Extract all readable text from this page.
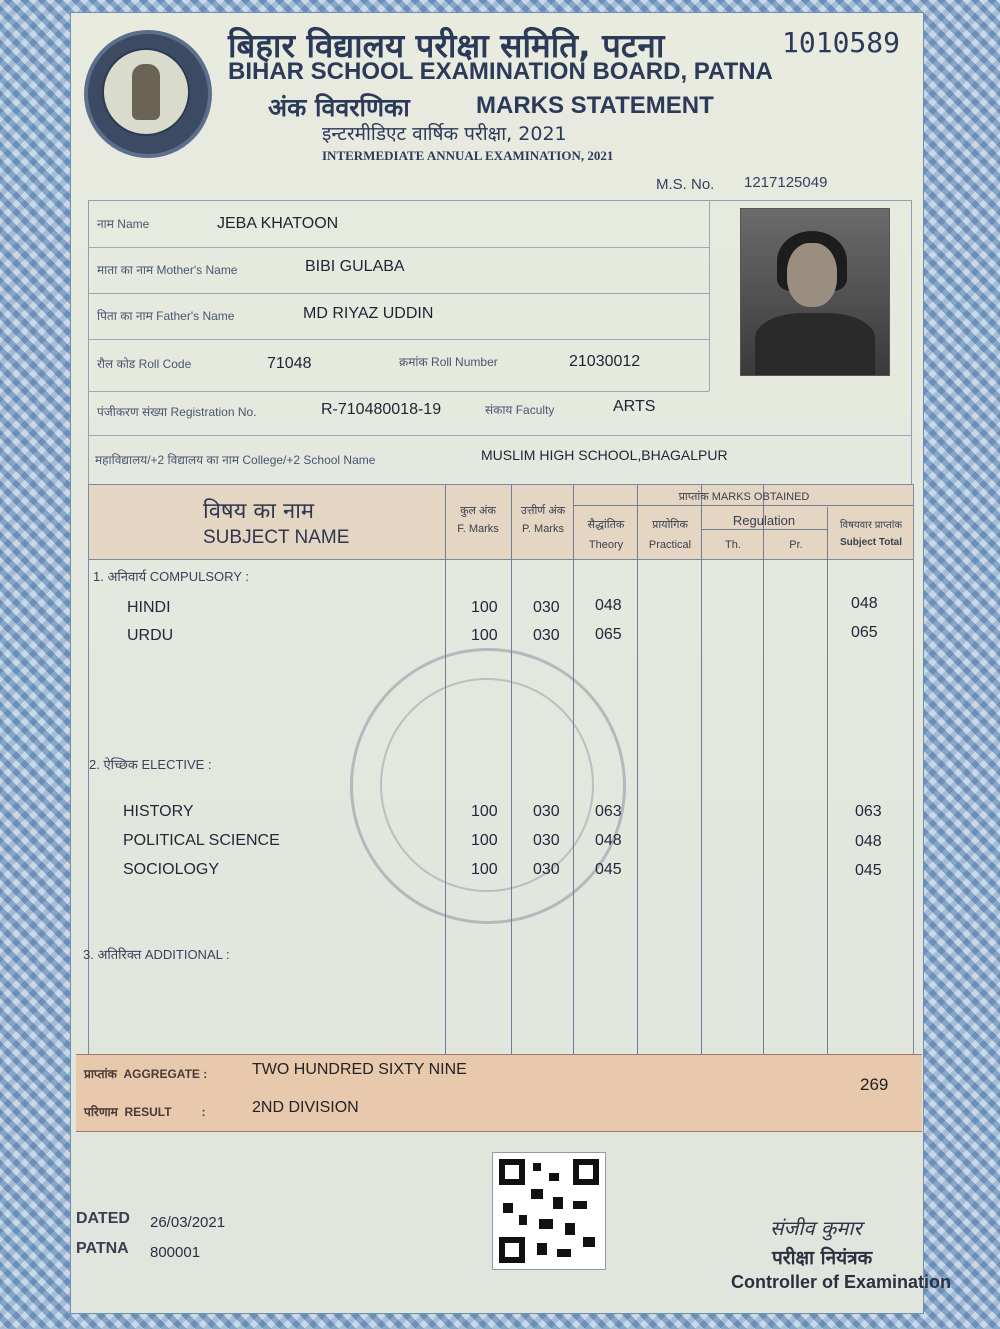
बिहार विद्यालय परीक्षा समिति, पटना	1010589
BIHAR SCHOOL EXAMINATION BOARD, PATNA
अंक विवरणिका	MARKS STATEMENT
इन्टरमीडिएट वार्षिक परीक्षा, 2021
INTERMEDIATE ANNUAL EXAMINATION, 2021
M.S. No. 1217125049
नाम Name	JEBA KHATOON
माता का नाम Mother's Name	BIBI GULABA
पिता का नाम Father's Name	MD RIYAZ UDDIN
रौल कोड Roll Code	71048	क्रमांक Roll Number	21030012
पंजीकरण संख्या Registration No.	R-710480018-19	संकाय Faculty	ARTS
महाविद्यालय/+2 विद्यालय का नाम College/+2 School Name	MUSLIM HIGH SCHOOL,BHAGALPUR
विषय का नाम
SUBJECT NAME
कुल अंक
F. Marks
उत्तीर्ण अंक
P. Marks
प्राप्तांक MARKS OBTAINED
सैद्धांतिक
Theory
प्रायोगिक
Practical
Regulation
Th.	Pr.
विषयवार प्राप्तांक
Subject Total
1. अनिवार्य COMPULSORY :
HINDI	100 030 048	048
URDU	100 030 065	065
2. ऐच्छिक ELECTIVE :
HISTORY	100 030 063	063
POLITICAL SCIENCE	100 030 048	048
SOCIOLOGY	100 030 045	045
3. अतिरिक्त ADDITIONAL :
प्राप्तांक AGGREGATE :	TWO HUNDRED SIXTY NINE
269
परिणाम RESULT	:	2ND DIVISION
DATED 26/03/2021
PATNA 800001
संजीव कुमार
परीक्षा नियंत्रक
Controller of Examination
